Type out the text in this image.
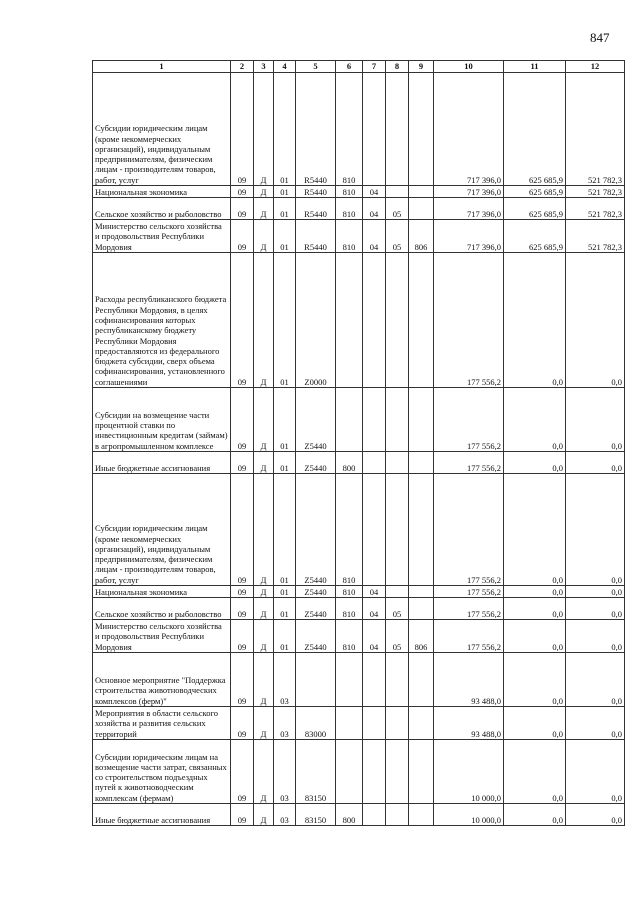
847
1	2	3	4	5	6	7	8	9	10	11	12
Субсидии юридическим лицам (кроме некоммерческих организаций), индивидуальным предпринимателям, физическим лицам - производителям товаров, работ, услуг	09	Д	01	R5440	810				717 396,0	625 685,9	521 782,3
Национальная экономика	09	Д	01	R5440	810	04			717 396,0	625 685,9	521 782,3
Сельское хозяйство и рыболовство	09	Д	01	R5440	810	04	05		717 396,0	625 685,9	521 782,3
Министерство сельского хозяйства и продовольствия Республики Мордовия	09	Д	01	R5440	810	04	05	806	717 396,0	625 685,9	521 782,3
Расходы республиканского бюджета Республики Мордовия, в целях софинансирования которых республиканскому бюджету Республики Мордовия предоставляются из федерального бюджета субсидии, сверх объема софинансирования, установленного соглашениями	09	Д	01	Z0000					177 556,2	0,0	0,0
Субсидии на возмещение части процентной ставки по инвестиционным кредитам (займам) в агропромышленном комплексе	09	Д	01	Z5440					177 556,2	0,0	0,0
Иные бюджетные ассигнования	09	Д	01	Z5440	800				177 556,2	0,0	0,0
Субсидии юридическим лицам (кроме некоммерческих организаций), индивидуальным предпринимателям, физическим лицам - производителям товаров, работ, услуг	09	Д	01	Z5440	810				177 556,2	0,0	0,0
Национальная экономика	09	Д	01	Z5440	810	04			177 556,2	0,0	0,0
Сельское хозяйство и рыболовство	09	Д	01	Z5440	810	04	05		177 556,2	0,0	0,0
Министерство сельского хозяйства и продовольствия Республики Мордовия	09	Д	01	Z5440	810	04	05	806	177 556,2	0,0	0,0
Основное мероприятие "Поддержка строительства животноводческих комплексов (ферм)"	09	Д	03						93 488,0	0,0	0,0
Мероприятия в области сельского хозяйства и развития сельских территорий	09	Д	03	83000					93 488,0	0,0	0,0
Субсидии юридическим лицам на возмещение части затрат, связанных со строительством подъездных путей к животноводческим комплексам (фермам)	09	Д	03	83150					10 000,0	0,0	0,0
Иные бюджетные ассигнования	09	Д	03	83150	800				10 000,0	0,0	0,0
